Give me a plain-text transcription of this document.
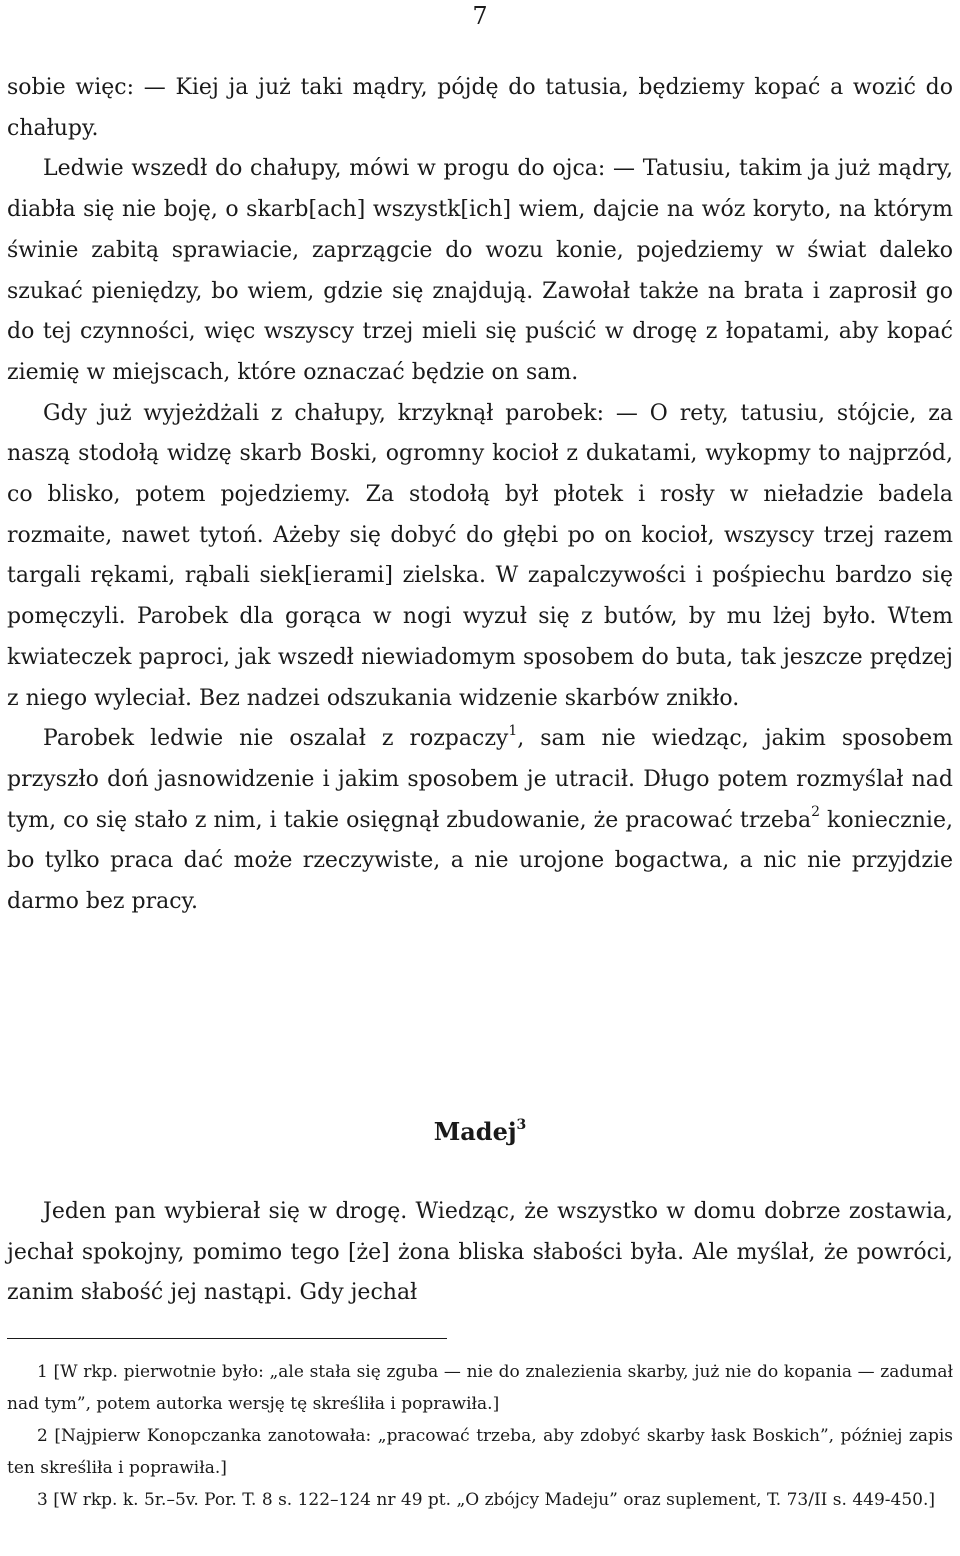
7

sobie więc: — Kiej ja już taki mądry, pójdę do tatusia, będziemy kopać a wozić do chałupy.

Ledwie wszedł do chałupy, mówi w progu do ojca: — Tatusiu, takim ja już mądry, diabła się nie boję, o skarb[ach] wszystk[ich] wiem, dajcie na wóz koryto, na którym świnie zabitą sprawiacie, zaprzągcie do wozu konie, pojedziemy w świat daleko szukać pieniędzy, bo wiem, gdzie się znajdują. Zawołał także na brata i zaprosił go do tej czynności, więc wszyscy trzej mieli się puścić w drogę z łopatami, aby kopać ziemię w miejscach, które oznaczać będzie on sam.

Gdy już wyjeżdżali z chałupy, krzyknął parobek: — O rety, tatusiu, stójcie, za naszą stodołą widzę skarb Boski, ogromny kocioł z dukatami, wykopmy to najprzód, co blisko, potem pojedziemy. Za stodołą był płotek i rosły w nieładzie badela rozmaite, nawet tytoń. Ażeby się dobyć do głębi po on kocioł, wszyscy trzej razem targali rękami, rąbali siek[ierami] zielska. W zapalczywości i pośpiechu bardzo się pomęczyli. Parobek dla gorąca w nogi wyzuł się z butów, by mu lżej było. Wtem kwiateczek paproci, jak wszedł niewiadomym sposobem do buta, tak jeszcze prędzej z niego wyleciał. Bez nadzei odszukania widzenie skarbów znikło.

Parobek ledwie nie oszalał z rozpaczy$^1$, sam nie wiedząc, jakim sposobem przyszło doń jasnowidzenie i jakim sposobem je utracił. Długo potem rozmyślał nad tym, co się stało z nim, i takie osięgnął zbudowanie, że pracować trzeba$^2$ koniecznie, bo tylko praca dać może rzeczywiste, a nie urojone bogactwa, a nic nie przyjdzie darmo bez pracy.

Madej$^3$

Jeden pan wybierał się w drogę. Wiedząc, że wszystko w domu dobrze zostawia, jechał spokojny, pomimo tego [że] żona bliska słabości była. Ale myślał, że powróci, zanim słabość jej nastąpi. Gdy jechał

1 [W rkp. pierwotnie było: „ale stała się zguba — nie do znalezienia skarby, już nie do kopania — zadumał nad tym”, potem autorka wersję tę skreśliła i poprawiła.]

2 [Najpierw Konopczanka zanotowała: „pracować trzeba, aby zdobyć skarby łask Boskich”, później zapis ten skreśliła i poprawiła.]

3 [W rkp. k. 5r.–5v. Por. T. 8 s. 122–124 nr 49 pt. „O zbójcy Madeju” oraz suplement, T. 73/II s. 449-450.]
